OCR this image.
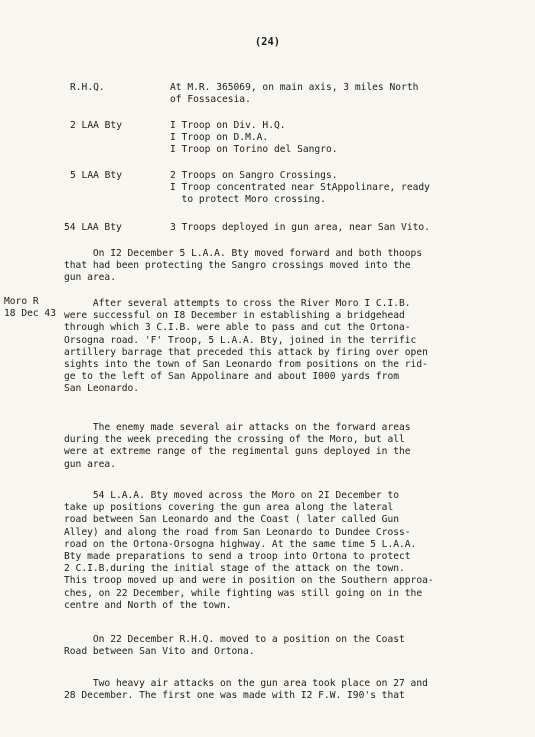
(24)
R.H.Q.	At M.R. 365069, on main axis, 3 miles North
of Fossacesia.
2 LAA Bty	I Troop on Div. H.Q.
I Troop on D.M.A.
I Troop on Torino del Sangro.
5 LAA Bty	2 Troops on Sangro Crossings.
I Troop concentrated near StAppolinare, ready
to protect Moro crossing.
54 LAA Bty	3 Troops deployed in gun area, near San Vito.
Moro R
18 Dec 43
On I2 December 5 L.A.A. Bty moved forward and both thoops
that had been protecting the Sangro crossings moved into the
gun area.
After several attempts to cross the River Moro I C.I.B.
were successful on I8 December in establishing a bridgehead
through which 3 C.I.B. were able to pass and cut the Ortona-
Orsogna road. 'F' Troop, 5 L.A.A. Bty, joined in the terrific
artillery barrage that preceded this attack by firing over open
sights into the town of San Leonardo from positions on the rid-
ge to the left of San Appolinare and about I000 yards from
San Leonardo.
The enemy made several air attacks on the forward areas
during the week preceding the crossing of the Moro, but all
were at extreme range of the regimental guns deployed in the
gun area.
54 L.A.A. Bty moved across the Moro on 2I December to
take up positions covering the gun area along the lateral
road between San Leonardo and the Coast ( later called Gun
Alley) and along the road from San Leonardo to Dundee Cross-
road on the Ortona-Orsogna highway. At the same time 5 L.A.A.
Bty made preparations to send a troop into Ortona to protect
2 C.I.B.during the initial stage of the attack on the town.
This troop moved up and were in position on the Southern approa-
ches, on 22 December, while fighting was still going on in the
centre and North of the town.
On 22 December R.H.Q. moved to a position on the Coast
Road between San Vito and Ortona.
Two heavy air attacks on the gun area took place on 27 and
28 December. The first one was made with I2 F.W. I90's that
